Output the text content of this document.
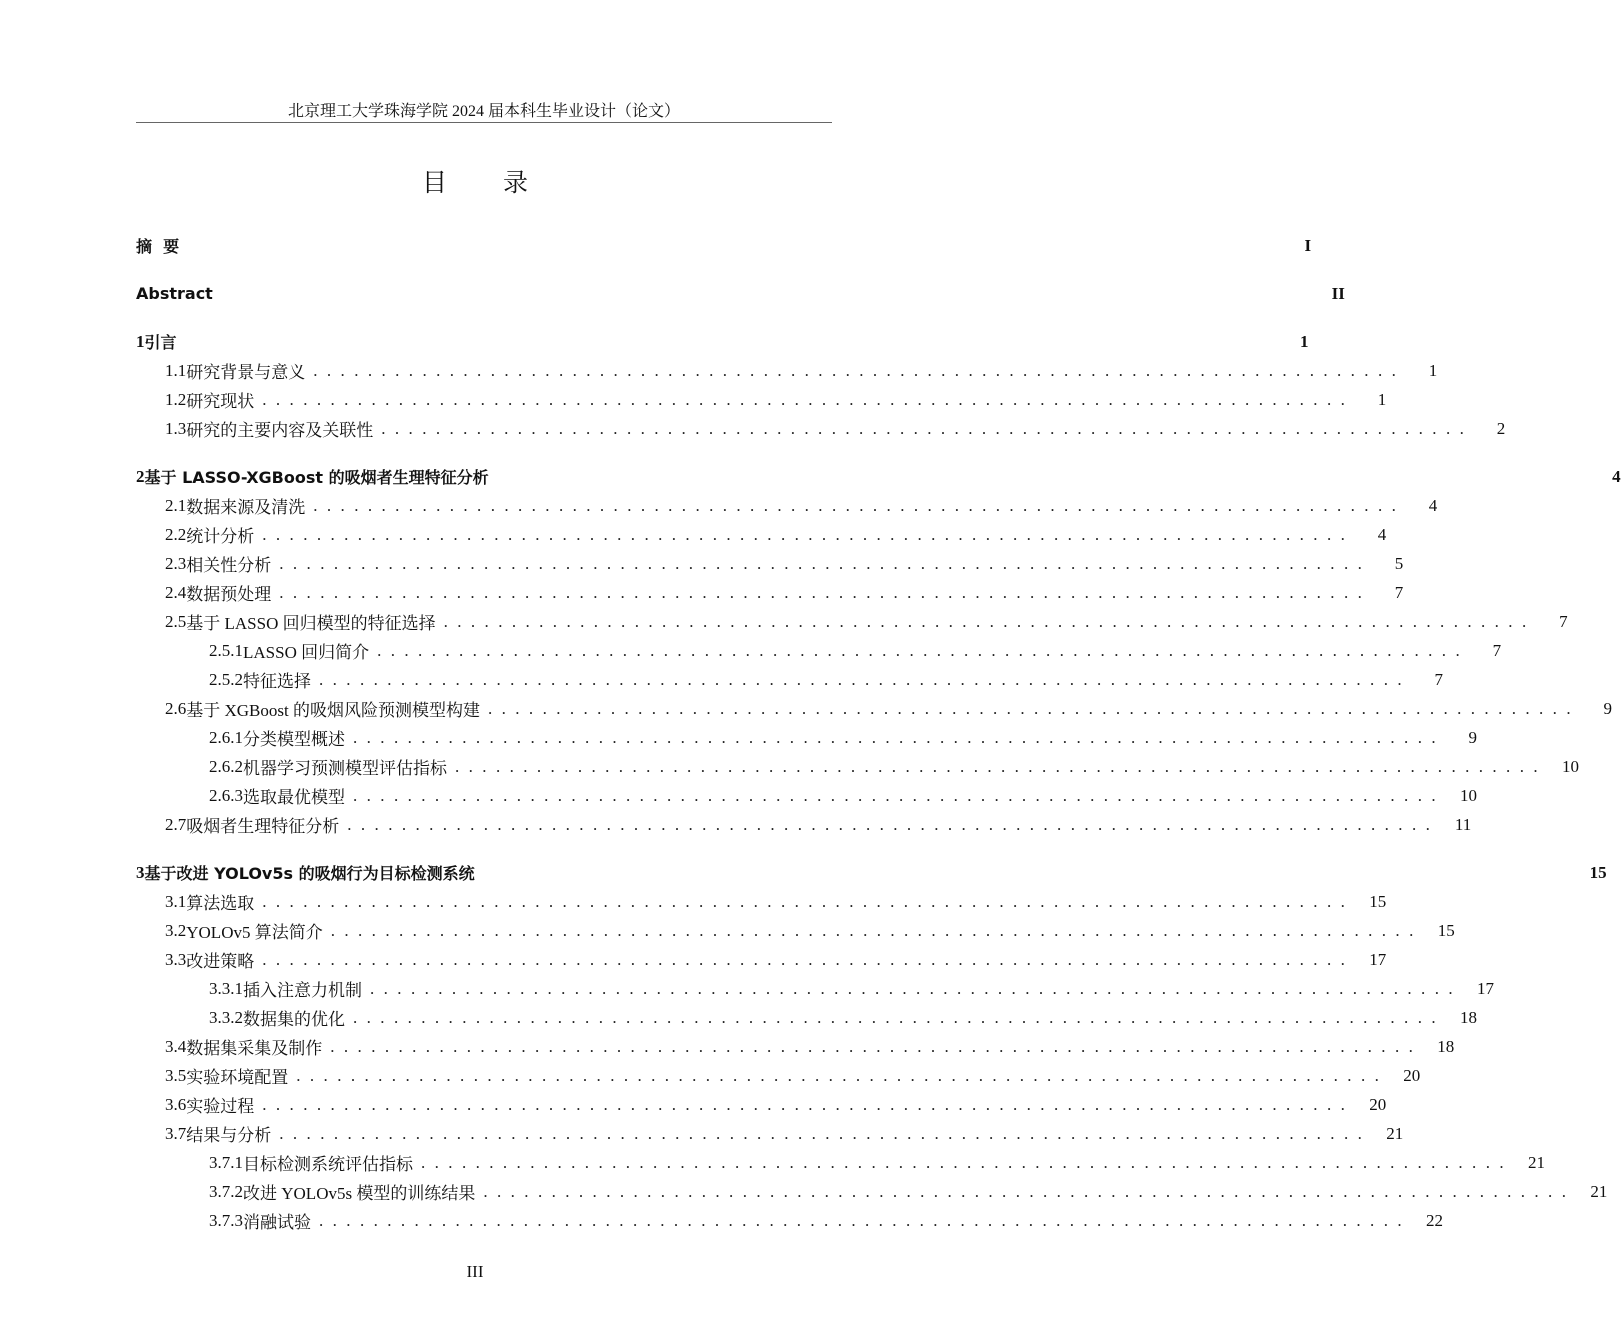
北京理工大学珠海学院 2024 届本科生毕业设计（论文）
目 录
摘  要	I
Abstract	II
1 引言	1
1.1 研究背景与意义 ................................................................................	1
1.2 研究现状 ................................................................................	1
1.3 研究的主要内容及关联性 ................................................................................	2
2 基于 LASSO-XGBoost 的吸烟者生理特征分析	4
2.1 数据来源及清洗 ................................................................................	4
2.2 统计分析 ................................................................................	4
2.3 相关性分析 ................................................................................	5
2.4 数据预处理 ................................................................................	7
2.5 基于 LASSO 回归模型的特征选择 ................................................................................	7
2.5.1 LASSO 回归简介 ................................................................................	7
2.5.2 特征选择 ................................................................................	7
2.6 基于 XGBoost 的吸烟风险预测模型构建 ................................................................................	9
2.6.1 分类模型概述 ................................................................................	9
2.6.2 机器学习预测模型评估指标 ................................................................................ 10
2.6.3 选取最优模型 ................................................................................ 10
2.7 吸烟者生理特征分析 ................................................................................ 11
3 基于改进 YOLOv5s 的吸烟行为目标检测系统	15
3.1 算法选取 ................................................................................ 15
3.2 YOLOv5 算法简介 ................................................................................ 15
3.3 改进策略 ................................................................................ 17
3.3.1 插入注意力机制 ................................................................................ 17
3.3.2 数据集的优化 ................................................................................ 18
3.4 数据集采集及制作 ................................................................................ 18
3.5 实验环境配置 ................................................................................ 20
3.6 实验过程 ................................................................................ 20
3.7 结果与分析 ................................................................................ 21
3.7.1 目标检测系统评估指标 ................................................................................ 21
3.7.2 改进 YOLOv5s 模型的训练结果 ................................................................................ 21
3.7.3 消融试验 ................................................................................ 22
III
